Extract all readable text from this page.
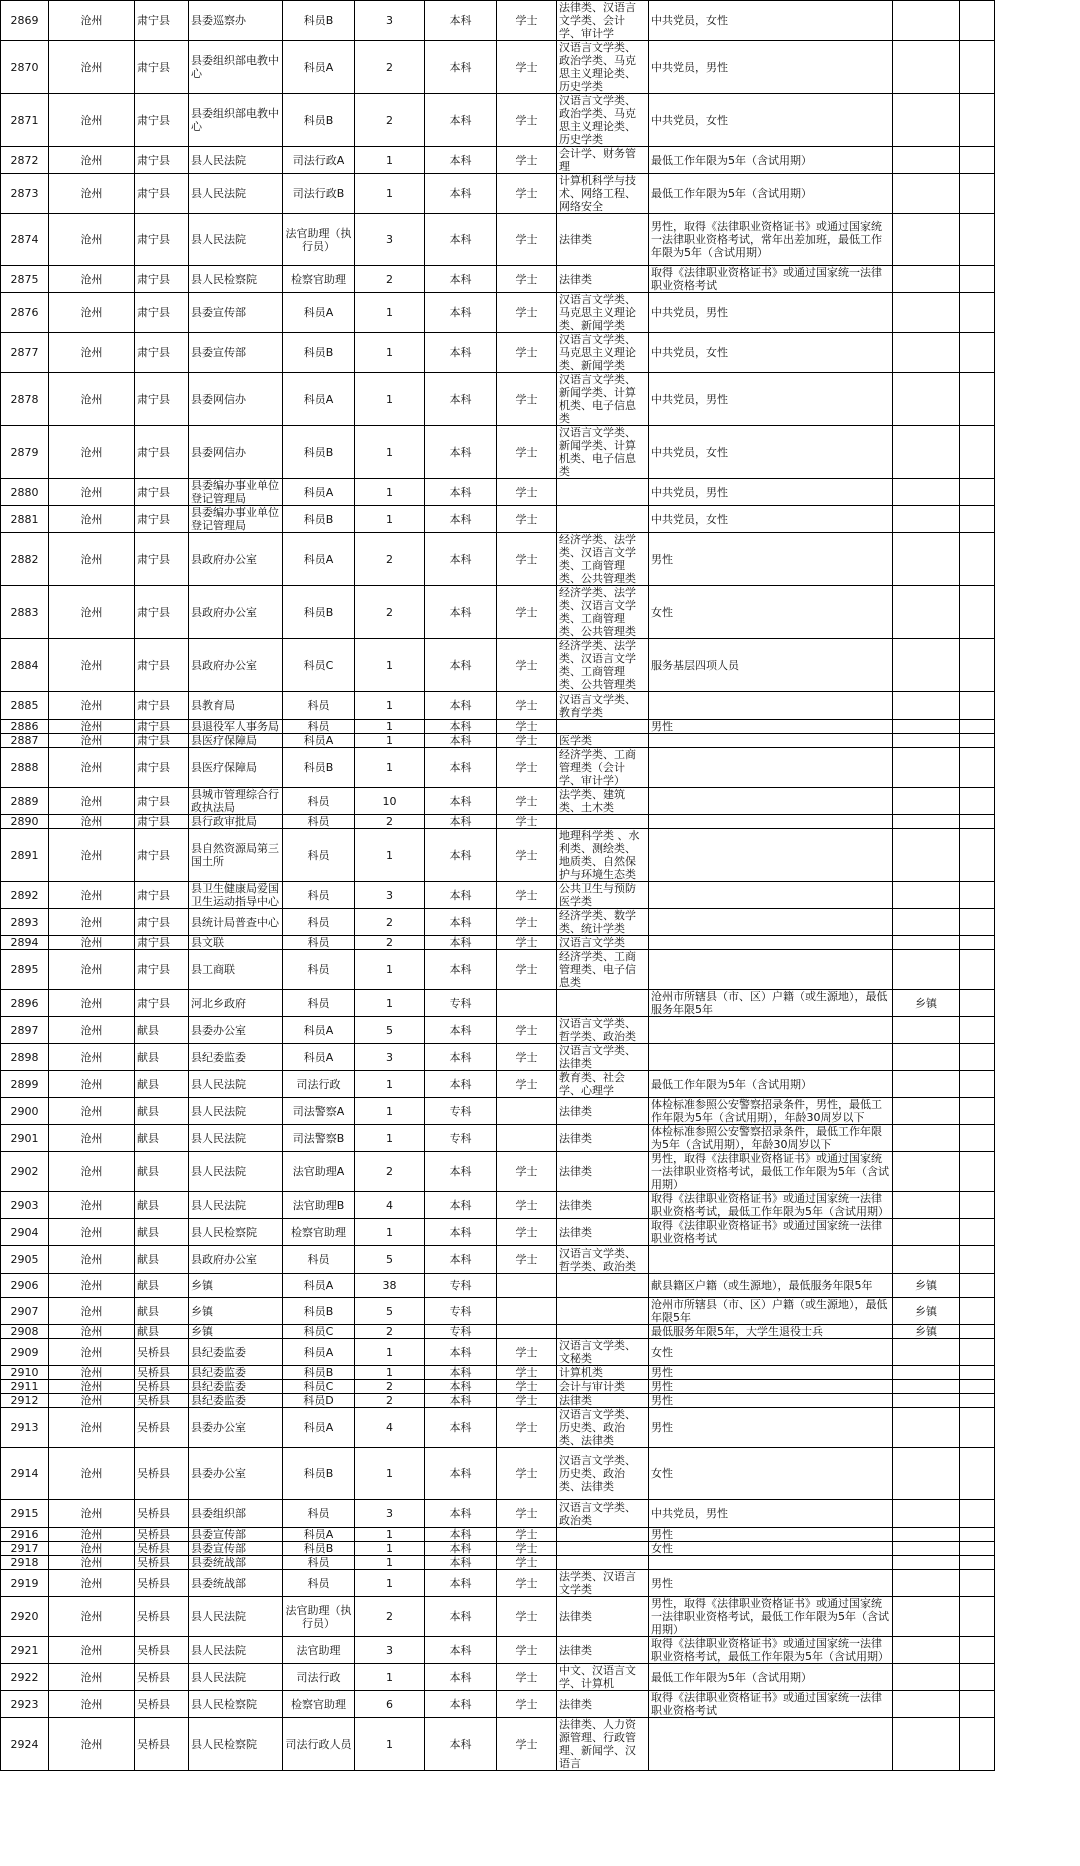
2869	沧州	肃宁县	县委巡察办	科员B	3	本科	学士	法律类、汉语言文学类、会计学、审计学	中共党员，女性		
2870	沧州	肃宁县	县委组织部电教中心	科员A	2	本科	学士	汉语言文学类、政治学类、马克思主义理论类、历史学类	中共党员，男性		
2871	沧州	肃宁县	县委组织部电教中心	科员B	2	本科	学士	汉语言文学类、政治学类、马克思主义理论类、历史学类	中共党员，女性		
2872	沧州	肃宁县	县人民法院	司法行政A	1	本科	学士	会计学、财务管理	最低工作年限为5年（含试用期）		
2873	沧州	肃宁县	县人民法院	司法行政B	1	本科	学士	计算机科学与技术、网络工程、网络安全	最低工作年限为5年（含试用期）		
2874	沧州	肃宁县	县人民法院	法官助理（执行员）	3	本科	学士	法律类	男性，取得《法律职业资格证书》或通过国家统一法律职业资格考试，常年出差加班，最低工作年限为5年（含试用期）		
2875	沧州	肃宁县	县人民检察院	检察官助理	2	本科	学士	法律类	取得《法律职业资格证书》或通过国家统一法律职业资格考试		
2876	沧州	肃宁县	县委宣传部	科员A	1	本科	学士	汉语言文学类、马克思主义理论类、新闻学类	中共党员，男性		
2877	沧州	肃宁县	县委宣传部	科员B	1	本科	学士	汉语言文学类、马克思主义理论类、新闻学类	中共党员，女性		
2878	沧州	肃宁县	县委网信办	科员A	1	本科	学士	汉语言文学类、新闻学类、计算机类、电子信息类	中共党员，男性		
2879	沧州	肃宁县	县委网信办	科员B	1	本科	学士	汉语言文学类、新闻学类、计算机类、电子信息类	中共党员，女性		
2880	沧州	肃宁县	县委编办事业单位登记管理局	科员A	1	本科	学士		中共党员，男性		
2881	沧州	肃宁县	县委编办事业单位登记管理局	科员B	1	本科	学士		中共党员，女性		
2882	沧州	肃宁县	县政府办公室	科员A	2	本科	学士	经济学类、法学类、汉语言文学类、工商管理类、公共管理类	男性		
2883	沧州	肃宁县	县政府办公室	科员B	2	本科	学士	经济学类、法学类、汉语言文学类、工商管理类、公共管理类	女性		
2884	沧州	肃宁县	县政府办公室	科员C	1	本科	学士	经济学类、法学类、汉语言文学类、工商管理类、公共管理类	服务基层四项人员		
2885	沧州	肃宁县	县教育局	科员	1	本科	学士	汉语言文学类、教育学类			
2886	沧州	肃宁县	县退役军人事务局	科员	1	本科	学士		男性		
2887	沧州	肃宁县	县医疗保障局	科员A	1	本科	学士	医学类			
2888	沧州	肃宁县	县医疗保障局	科员B	1	本科	学士	经济学类、工商管理类（会计学、审计学）			
2889	沧州	肃宁县	县城市管理综合行政执法局	科员	10	本科	学士	法学类、建筑类、土木类			
2890	沧州	肃宁县	县行政审批局	科员	2	本科	学士				
2891	沧州	肃宁县	县自然资源局第三国土所	科员	1	本科	学士	地理科学类 、水利类、测绘类、地质类、自然保护与环境生态类			
2892	沧州	肃宁县	县卫生健康局爱国卫生运动指导中心	科员	3	本科	学士	公共卫生与预防医学类			
2893	沧州	肃宁县	县统计局普查中心	科员	2	本科	学士	经济学类、数学类、统计学类			
2894	沧州	肃宁县	县文联	科员	2	本科	学士	汉语言文学类			
2895	沧州	肃宁县	县工商联	科员	1	本科	学士	经济学类、工商管理类、电子信息类			
2896	沧州	肃宁县	河北乡政府	科员	1	专科			沧州市所辖县（市、区）户籍（或生源地），最低服务年限5年	乡镇	
2897	沧州	献县	县委办公室	科员A	5	本科	学士	汉语言文学类、哲学类、政治类			
2898	沧州	献县	县纪委监委	科员A	3	本科	学士	汉语言文学类、法律类			
2899	沧州	献县	县人民法院	司法行政	1	本科	学士	教育类、社会学、心理学	最低工作年限为5年（含试用期）		
2900	沧州	献县	县人民法院	司法警察A	1	专科		法律类	体检标准参照公安警察招录条件，男性，最低工作年限为5年（含试用期），年龄30周岁以下		
2901	沧州	献县	县人民法院	司法警察B	1	专科		法律类	体检标准参照公安警察招录条件，最低工作年限为5年（含试用期），年龄30周岁以下		
2902	沧州	献县	县人民法院	法官助理A	2	本科	学士	法律类	男性，取得《法律职业资格证书》或通过国家统一法律职业资格考试，最低工作年限为5年（含试用期）		
2903	沧州	献县	县人民法院	法官助理B	4	本科	学士	法律类	取得《法律职业资格证书》或通过国家统一法律职业资格考试，最低工作年限为5年（含试用期）		
2904	沧州	献县	县人民检察院	检察官助理	1	本科	学士	法律类	取得《法律职业资格证书》或通过国家统一法律职业资格考试		
2905	沧州	献县	县政府办公室	科员	5	本科	学士	汉语言文学类、哲学类、政治类			
2906	沧州	献县	乡镇	科员A	38	专科			献县籍区户籍（或生源地），最低服务年限5年	乡镇	
2907	沧州	献县	乡镇	科员B	5	专科			沧州市所辖县（市、区）户籍（或生源地），最低年限5年	乡镇	
2908	沧州	献县	乡镇	科员C	2	专科			最低服务年限5年，大学生退役士兵	乡镇	
2909	沧州	吴桥县	县纪委监委	科员A	1	本科	学士	汉语言文学类、文秘类	女性		
2910	沧州	吴桥县	县纪委监委	科员B	1	本科	学士	计算机类	男性		
2911	沧州	吴桥县	县纪委监委	科员C	2	本科	学士	会计与审计类	男性		
2912	沧州	吴桥县	县纪委监委	科员D	2	本科	学士	法律类	男性		
2913	沧州	吴桥县	县委办公室	科员A	4	本科	学士	汉语言文学类、历史类、政治类、法律类	男性		
2914	沧州	吴桥县	县委办公室	科员B	1	本科	学士	汉语言文学类、历史类、政治类、法律类	女性		
2915	沧州	吴桥县	县委组织部	科员	3	本科	学士	汉语言文学类、政治类	中共党员，男性		
2916	沧州	吴桥县	县委宣传部	科员A	1	本科	学士		男性		
2917	沧州	吴桥县	县委宣传部	科员B	1	本科	学士		女性		
2918	沧州	吴桥县	县委统战部	科员	1	本科	学士				
2919	沧州	吴桥县	县委统战部	科员	1	本科	学士	法学类、汉语言文学类	男性		
2920	沧州	吴桥县	县人民法院	法官助理（执行员）	2	本科	学士	法律类	男性，取得《法律职业资格证书》或通过国家统一法律职业资格考试，最低工作年限为5年（含试用期）		
2921	沧州	吴桥县	县人民法院	法官助理	3	本科	学士	法律类	取得《法律职业资格证书》或通过国家统一法律职业资格考试，最低工作年限为5年（含试用期）		
2922	沧州	吴桥县	县人民法院	司法行政	1	本科	学士	中文、汉语言文学、计算机	最低工作年限为5年（含试用期）		
2923	沧州	吴桥县	县人民检察院	检察官助理	6	本科	学士	法律类	取得《法律职业资格证书》或通过国家统一法律职业资格考试		
2924	沧州	吴桥县	县人民检察院	司法行政人员	1	本科	学士	法律类、人力资源管理、行政管理、新闻学、汉语言			
